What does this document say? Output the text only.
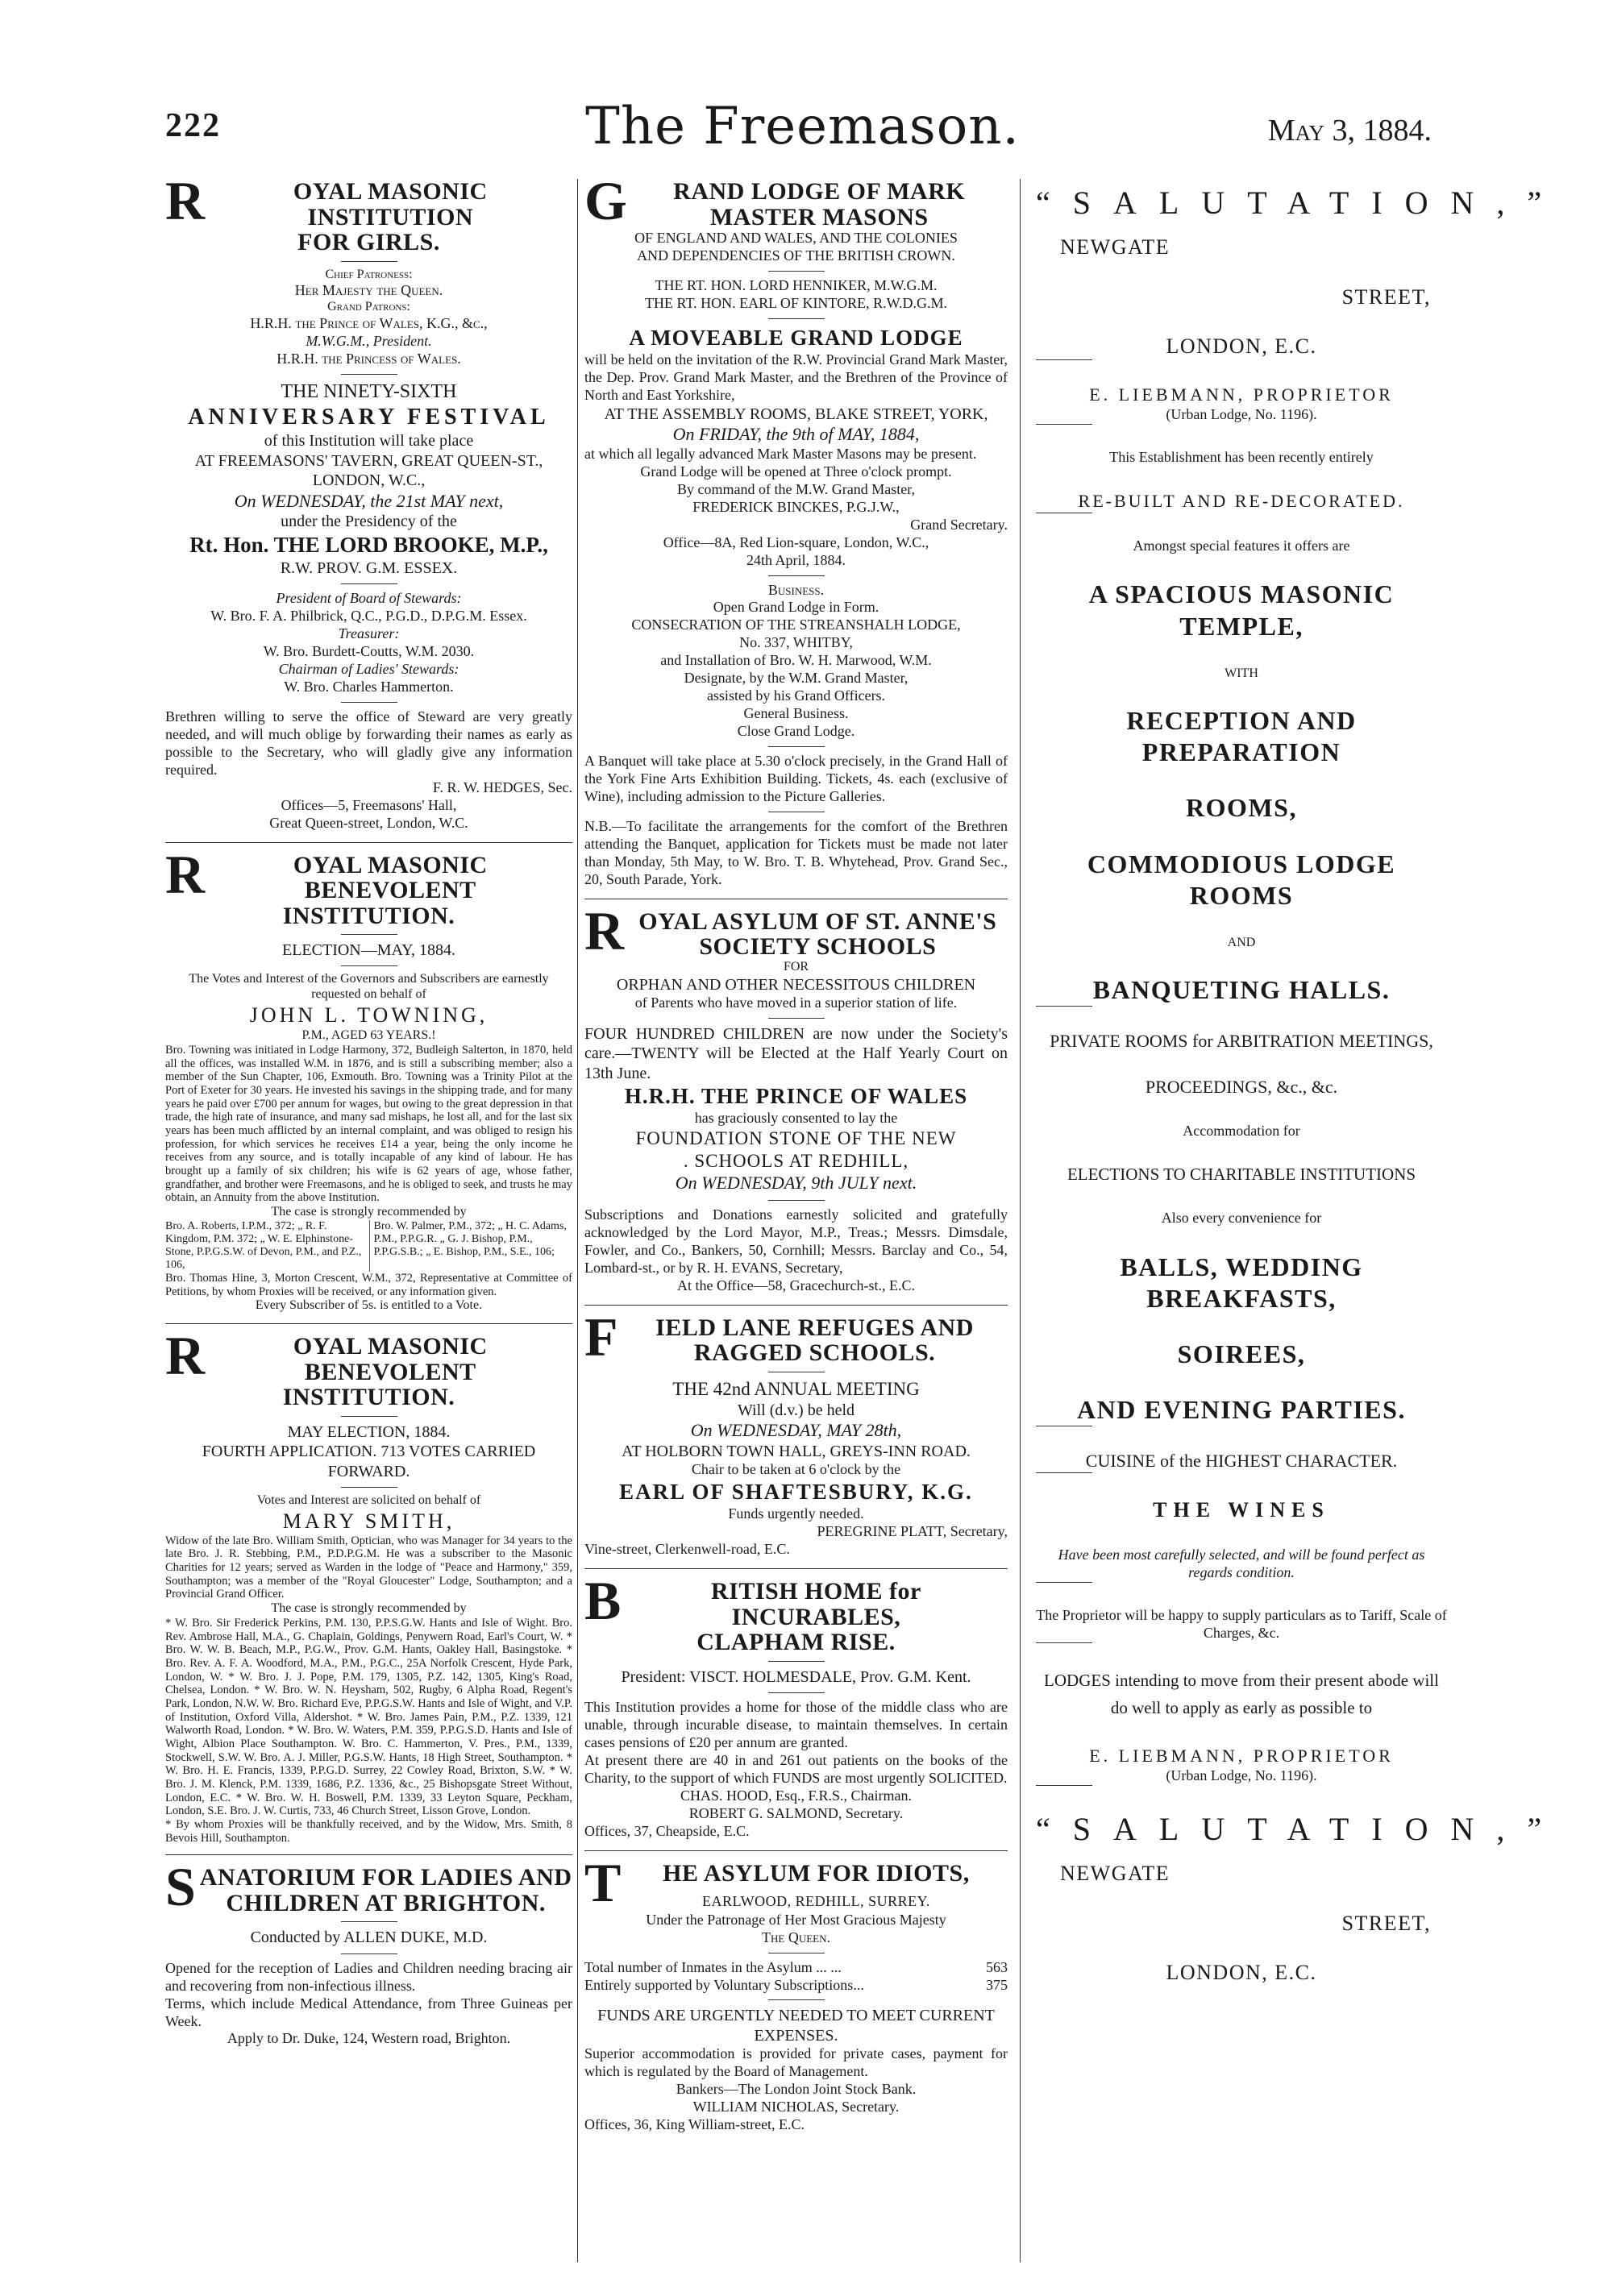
222	The Freemason.	May 3, 1884.
R	OYAL MASONIC INSTITUTION
FOR GIRLS.
Chief Patroness:
Her Majesty the Queen.
Grand Patrons:
H.R.H. the Prince of Wales, K.G., &c.,
M.W.G.M., President.
H.R.H. the Princess of Wales.
THE NINETY-SIXTH
ANNIVERSARY FESTIVAL
of this Institution will take place
AT FREEMASONS' TAVERN, GREAT QUEEN-ST.,
LONDON, W.C.,
On WEDNESDAY, the 21st MAY next,
under the Presidency of the
Rt. Hon. THE LORD BROOKE, M.P.,
R.W. PROV. G.M. ESSEX.
President of Board of Stewards:
W. Bro. F. A. Philbrick, Q.C., P.G.D., D.P.G.M. Essex.
Treasurer:
W. Bro. Burdett-Coutts, W.M. 2030.
Chairman of Ladies' Stewards:
W. Bro. Charles Hammerton.
Brethren willing to serve the office of Steward are very greatly needed, and will much oblige by forwarding their names as early as possible to the Secretary, who will gladly give any information required.
F. R. W. HEDGES, Sec.
Offices—5, Freemasons' Hall,
Great Queen-street, London, W.C.
R	OYAL MASONIC BENEVOLENT
INSTITUTION.
ELECTION—MAY, 1884.
The Votes and Interest of the Governors and Subscribers are earnestly requested on behalf of
JOHN L. TOWNING,
P.M., AGED 63 YEARS.!
Bro. Towning was initiated in Lodge Harmony, 372, Budleigh Salterton, in 1870, held all the offices, was installed W.M. in 1876, and is still a subscribing member; also a member of the Sun Chapter, 106, Exmouth. Bro. Towning was a Trinity Pilot at the Port of Exeter for 30 years. He invested his savings in the shipping trade, and for many years he paid over £700 per annum for wages, but owing to the great depression in that trade, the high rate of insurance, and many sad mishaps, he lost all, and for the last six years has been much afflicted by an internal complaint, and was obliged to resign his profession, for which services he receives £14 a year, being the only income he receives from any source, and is totally incapable of any kind of labour. He has brought up a family of six children; his wife is 62 years of age, whose father, grandfather, and brother were Freemasons, and he is obliged to seek, and trusts he may obtain, an Annuity from the above Institution.
The case is strongly recommended by
Bro. A. Roberts, I.P.M., 372; „ R. F. Kingdom, P.M. 372; „ W. E. Elphinstone-Stone, P.P.G.S.W. of Devon, P.M., and P.Z., 106,
Bro. W. Palmer, P.M., 372; „ H. C. Adams, P.M., P.P.G.R. „ G. J. Bishop, P.M., P.P.G.S.B.; „ E. Bishop, P.M., S.E., 106;
Bro. Thomas Hine, 3, Morton Crescent, W.M., 372, Representative at Committee of Petitions, by whom Proxies will be received, or any information given.
Every Subscriber of 5s. is entitled to a Vote.
R	OYAL MASONIC BENEVOLENT
INSTITUTION.
MAY ELECTION, 1884.
FOURTH APPLICATION. 713 VOTES CARRIED FORWARD.
Votes and Interest are solicited on behalf of
MARY SMITH,
Widow of the late Bro. William Smith, Optician, who was Manager for 34 years to the late Bro. J. R. Stebbing, P.M., P.D.P.G.M. He was a subscriber to the Masonic Charities for 12 years; served as Warden in the lodge of "Peace and Harmony," 359, Southampton; was a member of the "Royal Gloucester" Lodge, Southampton; and a Provincial Grand Officer.
The case is strongly recommended by
* W. Bro. Sir Frederick Perkins, P.M. 130, P.P.S.G.W. Hants and Isle of Wight. Bro. Rev. Ambrose Hall, M.A., G. Chaplain, Goldings, Penywern Road, Earl's Court, W. * Bro. W. W. B. Beach, M.P., P.G.W., Prov. G.M. Hants, Oakley Hall, Basingstoke. * Bro. Rev. A. F. A. Woodford, M.A., P.M., P.G.C., 25A Norfolk Crescent, Hyde Park, London, W. * W. Bro. J. J. Pope, P.M. 179, 1305, P.Z. 142, 1305, King's Road, Chelsea, London. * W. Bro. W. N. Heysham, 502, Rugby, 6 Alpha Road, Regent's Park, London, N.W. W. Bro. Richard Eve, P.P.G.S.W. Hants and Isle of Wight, and V.P. of Institution, Oxford Villa, Aldershot. * W. Bro. James Pain, P.M., P.Z. 1339, 121 Walworth Road, London. * W. Bro. W. Waters, P.M. 359, P.P.G.S.D. Hants and Isle of Wight, Albion Place Southampton. W. Bro. C. Hammerton, V. Pres., P.M., 1339, Stockwell, S.W. W. Bro. A. J. Miller, P.G.S.W. Hants, 18 High Street, Southampton. * W. Bro. H. E. Francis, 1339, P.P.G.D. Surrey, 22 Cowley Road, Brixton, S.W. * W. Bro. J. M. Klenck, P.M. 1339, 1686, P.Z. 1336, &c., 25 Bishopsgate Street Without, London, E.C. * W. Bro. W. H. Boswell, P.M. 1339, 33 Leyton Square, Peckham, London, S.E. Bro. J. W. Curtis, 733, 46 Church Street, Lisson Grove, London.
* By whom Proxies will be thankfully received, and by the Widow, Mrs. Smith, 8 Bevois Hill, Southampton.
SANATORIUM FOR LADIES AND
CHILDREN AT BRIGHTON.
Conducted by ALLEN DUKE, M.D.
Opened for the reception of Ladies and Children needing bracing air and recovering from non-infectious illness.
Terms, which include Medical Attendance, from Three Guineas per Week.
Apply to Dr. Duke, 124, Western road, Brighton.
G RAND LODGE OF MARK
MASTER MASONS
OF ENGLAND AND WALES, AND THE COLONIES
AND DEPENDENCIES OF THE BRITISH CROWN.
THE RT. HON. LORD HENNIKER, M.W.G.M.
THE RT. HON. EARL OF KINTORE, R.W.D.G.M.
A MOVEABLE GRAND LODGE
will be held on the invitation of the R.W. Provincial Grand Mark Master, the Dep. Prov. Grand Mark Master, and the Brethren of the Province of North and East Yorkshire,
AT THE ASSEMBLY ROOMS, BLAKE STREET, YORK,
On FRIDAY, the 9th of MAY, 1884,
at which all legally advanced Mark Master Masons may be present.
Grand Lodge will be opened at Three o'clock prompt.
By command of the M.W. Grand Master,
FREDERICK BINCKES, P.G.J.W.,
Grand Secretary.
Office—8A, Red Lion-square, London, W.C.,
24th April, 1884.
Business.
Open Grand Lodge in Form.
CONSECRATION OF THE STREANSHALH LODGE,
No. 337, WHITBY,
and Installation of Bro. W. H. Marwood, W.M.
Designate, by the W.M. Grand Master,
assisted by his Grand Officers.
General Business.
Close Grand Lodge.
A Banquet will take place at 5.30 o'clock precisely, in the Grand Hall of the York Fine Arts Exhibition Building. Tickets, 4s. each (exclusive of Wine), including admission to the Picture Galleries.
N.B.—To facilitate the arrangements for the comfort of the Brethren attending the Banquet, application for Tickets must be made not later than Monday, 5th May, to W. Bro. T. B. Whytehead, Prov. Grand Sec., 20, South Parade, York.
ROYAL ASYLUM OF ST. ANNE'S
SOCIETY SCHOOLS
FOR
ORPHAN AND OTHER NECESSITOUS CHILDREN
of Parents who have moved in a superior station of life.
FOUR HUNDRED CHILDREN are now under the Society's care.—TWENTY will be Elected at the Half Yearly Court on 13th June.
H.R.H. THE PRINCE OF WALES
has graciously consented to lay the
FOUNDATION STONE OF THE NEW
. SCHOOLS AT REDHILL,
On WEDNESDAY, 9th JULY next.
Subscriptions and Donations earnestly solicited and gratefully acknowledged by the Lord Mayor, M.P., Treas.; Messrs. Dimsdale, Fowler, and Co., Bankers, 50, Cornhill; Messrs. Barclay and Co., 54, Lombard-st., or by R. H. EVANS, Secretary,
At the Office—58, Gracechurch-st., E.C.
F IELD LANE REFUGES AND
RAGGED SCHOOLS.
THE 42nd ANNUAL MEETING
Will (d.v.) be held
On WEDNESDAY, MAY 28th,
AT HOLBORN TOWN HALL, GREYS-INN ROAD.
Chair to be taken at 6 o'clock by the
EARL OF SHAFTESBURY, K.G.
Funds urgently needed.
PEREGRINE PLATT, Secretary,
Vine-street, Clerkenwell-road, E.C.
B	RITISH HOME for INCURABLES,
CLAPHAM RISE.
President: VISCT. HOLMESDALE, Prov. G.M. Kent.
This Institution provides a home for those of the middle class who are unable, through incurable disease, to maintain themselves. In certain cases pensions of £20 per annum are granted.
At present there are 40 in and 261 out patients on the books of the Charity, to the support of which FUNDS are most urgently SOLICITED.
CHAS. HOOD, Esq., F.R.S., Chairman.
ROBERT G. SALMOND, Secretary.
Offices, 37, Cheapside, E.C.
T HE ASYLUM FOR IDIOTS,
EARLWOOD, REDHILL, SURREY.
Under the Patronage of Her Most Gracious Majesty
The Queen.
Total number of Inmates in the Asylum ... ...	563
Entirely supported by Voluntary Subscriptions...	375
FUNDS ARE URGENTLY NEEDED TO MEET CURRENT EXPENSES.
Superior accommodation is provided for private cases, payment for which is regulated by the Board of Management.
Bankers—The London Joint Stock Bank.
WILLIAM NICHOLAS, Secretary.
Offices, 36, King William-street, E.C.
“SALUTATION,”
NEWGATE
STREET,
LONDON, E.C.
E. LIEBMANN, PROPRIETOR
(Urban Lodge, No. 1196).
This Establishment has been recently entirely
RE-BUILT AND RE-DECORATED.
Amongst special features it offers are
A SPACIOUS MASONIC TEMPLE,
WITH
RECEPTION AND PREPARATION
ROOMS,
COMMODIOUS LODGE ROOMS
AND
BANQUETING HALLS.
PRIVATE ROOMS for ARBITRATION MEETINGS,
PROCEEDINGS, &c., &c.
Accommodation for
ELECTIONS TO CHARITABLE INSTITUTIONS
Also every convenience for
BALLS, WEDDING BREAKFASTS,
SOIREES,
AND EVENING PARTIES.
CUISINE of the HIGHEST CHARACTER.
THE WINES
Have been most carefully selected, and will be found perfect as regards condition.
The Proprietor will be happy to supply particulars as to Tariff, Scale of Charges, &c.
LODGES intending to move from their present abode will do well to apply as early as possible to
E. LIEBMANN, PROPRIETOR
(Urban Lodge, No. 1196).
“SALUTATION,”
NEWGATE
STREET,
LONDON, E.C.
